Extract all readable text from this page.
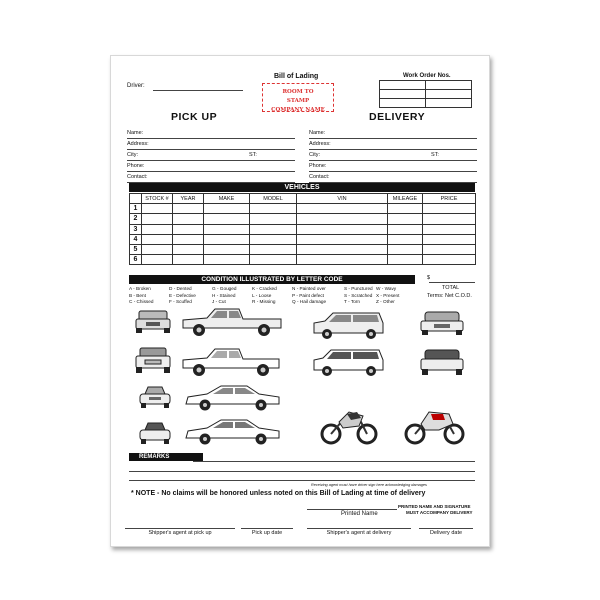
Driver:
Bill of Lading
ROOM TO
STAMP
COMPANY NAME
Work Order Nos.

PICK UP	DELIVERY
Name:
Address:
City:	ST:
Phone:
Contact:
Name:
Address:
City:	ST:
Phone:
Contact:
VEHICLES
	STOCK #	YEAR	MAKE	MODEL	VIN	MILEAGE	PRICE
1							
2							
3							
4							
5							
6							
CONDITION ILLUSTRATED BY LETTER CODE
A - Broken
B - Bent
C - Chissed
D - Dented
E - Defective
F - Scuffed
G - Gouged
H - Stained
J - Cut
K - Cracked
L - Loose
R - Missing
N - Painted over
P - Paint defect
Q - Hail damage
S - Punctured
S - Scratched
T - Torn
W - Wavy
X - Present
Z - Other
$
TOTAL
Terms: Net C.O.D.
REMARKS
Receiving agent must have driver sign here acknowledging damages
* NOTE - No claims will be honored unless noted on this Bill of Lading at time of delivery
PRINTED NAME AND SIGNATURE
MUST ACCOMPANY DELIVERY
Printed Name
Shipper's agent at pick up	Pick up date	Shipper's agent at delivery	Delivery date
